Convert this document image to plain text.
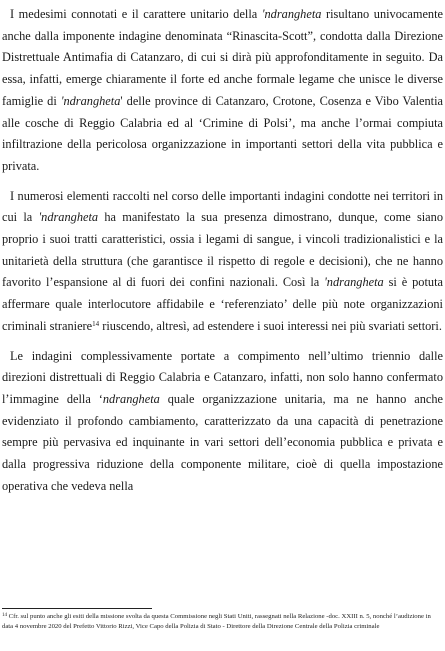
I medesimi connotati e il carattere unitario della 'ndrangheta risultano univocamente anche dalla imponente indagine denominata “Rinascita-Scott”, condotta dalla Direzione Distrettuale Antimafia di Catanzaro, di cui si dirà più approfonditamente in seguito. Da essa, infatti, emerge chiaramente il forte ed anche formale legame che unisce le diverse famiglie di 'ndrangheta' delle province di Catanzaro, Crotone, Cosenza e Vibo Valentia alle cosche di Reggio Calabria ed al ‘Crimine di Polsi’, ma anche l’ormai compiuta infiltrazione della pericolosa organizzazione in importanti settori della vita pubblica e privata.

I numerosi elementi raccolti nel corso delle importanti indagini condotte nei territori in cui la 'ndrangheta ha manifestato la sua presenza dimostrano, dunque, come siano proprio i suoi tratti caratteristici, ossia i legami di sangue, i vincoli tradizionalistici e la unitarietà della struttura (che garantisce il rispetto di regole e decisioni), che ne hanno favorito l’espansione al di fuori dei confini nazionali. Così la 'ndrangheta si è potuta affermare quale interlocutore affidabile e ‘referenziato’ delle più note organizzazioni criminali straniere$^{14}$ riuscendo, altresì, ad estendere i suoi interessi nei più svariati settori.

Le indagini complessivamente portate a compimento nell’ultimo triennio dalle direzioni distrettuali di Reggio Calabria e Catanzaro, infatti, non solo hanno confermato l’immagine della ‘ndrangheta quale organizzazione unitaria, ma ne hanno anche evidenziato il profondo cambiamento, caratterizzato da una capacità di penetrazione sempre più pervasiva ed inquinante in vari settori dell’economia pubblica e privata e dalla progressiva riduzione della componente militare, cioè di quella impostazione operativa che vedeva nella

$^{14}$ Cfr. sul punto anche gli esiti della missione svolta da questa Commissione negli Stati Uniti, rassegnati nella Relazione -doc. XXIII n. 5, nonché l’audizione in data 4 novembre 2020 del Prefetto Vittorio Rizzi, Vice Capo della Polizia di Stato - Direttore della Direzione Centrale della Polizia criminale
